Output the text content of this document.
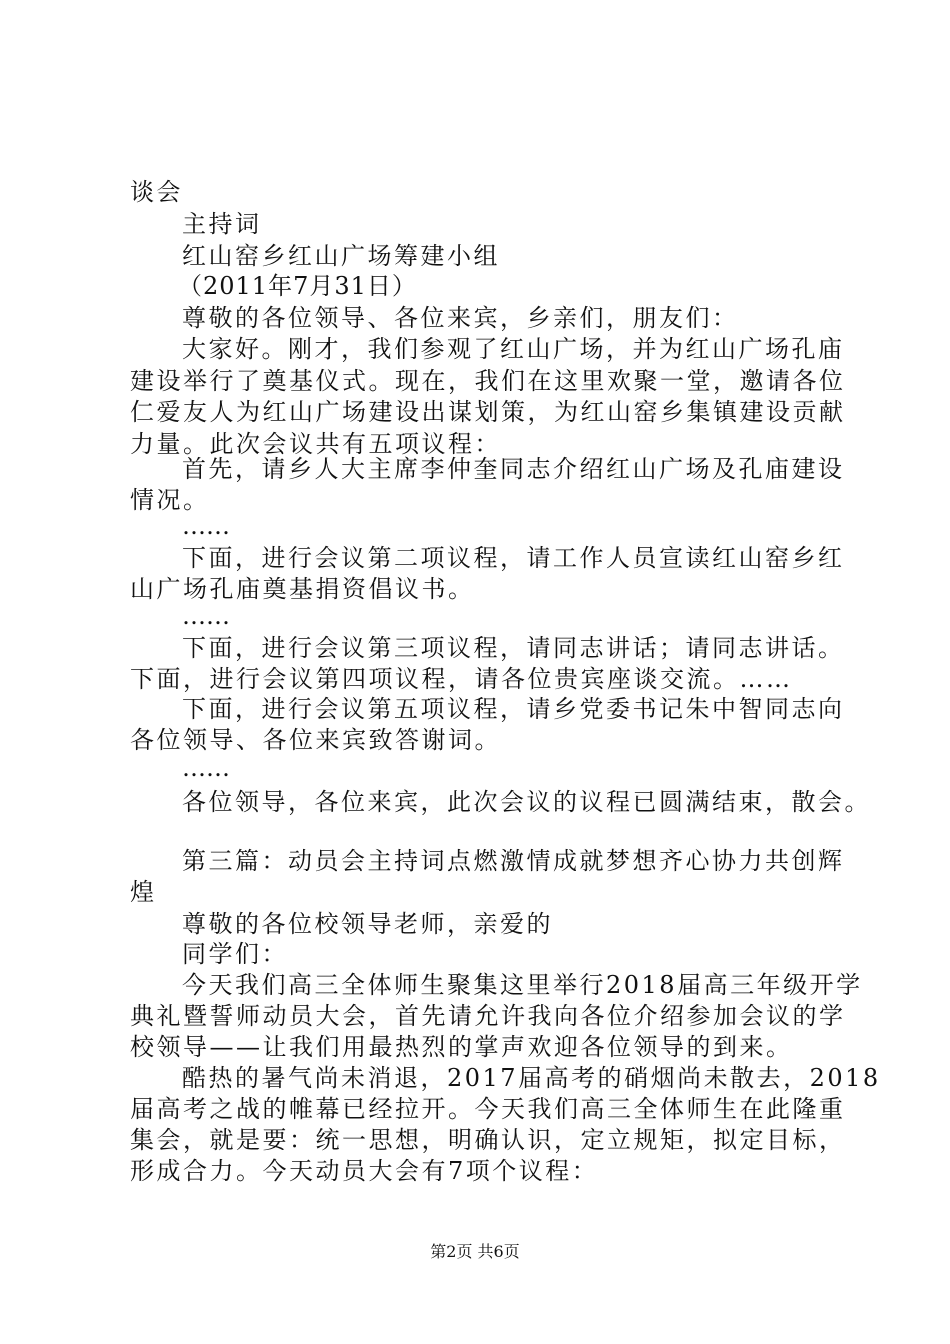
谈会
主持词
红山窑乡红山广场筹建小组
（2011年7月31日）
尊敬的各位领导、各位来宾，乡亲们，朋友们：
大家好。刚才，我们参观了红山广场，并为红山广场孔庙
建设举行了奠基仪式。现在，我们在这里欢聚一堂，邀请各位
仁爱友人为红山广场建设出谋划策，为红山窑乡集镇建设贡献
力量。此次会议共有五项议程：
首先，请乡人大主席李仲奎同志介绍红山广场及孔庙建设
情况。
……
下面，进行会议第二项议程，请工作人员宣读红山窑乡红
山广场孔庙奠基捐资倡议书。
……
下面，进行会议第三项议程，请同志讲话；请同志讲话。
下面，进行会议第四项议程，请各位贵宾座谈交流。……
下面，进行会议第五项议程，请乡党委书记朱中智同志向
各位领导、各位来宾致答谢词。
……
各位领导，各位来宾，此次会议的议程已圆满结束，散会。
第三篇：动员会主持词点燃激情成就梦想齐心协力共创辉
煌
尊敬的各位校领导老师，亲爱的
同学们：
今天我们高三全体师生聚集这里举行2018届高三年级开学
典礼暨誓师动员大会，首先请允许我向各位介绍参加会议的学
校领导——让我们用最热烈的掌声欢迎各位领导的到来。
酷热的暑气尚未消退，2017届高考的硝烟尚未散去，2018
届高考之战的帷幕已经拉开。今天我们高三全体师生在此隆重
集会，就是要：统一思想，明确认识，定立规矩，拟定目标，
形成合力。今天动员大会有7项个议程：
第2页 共6页
